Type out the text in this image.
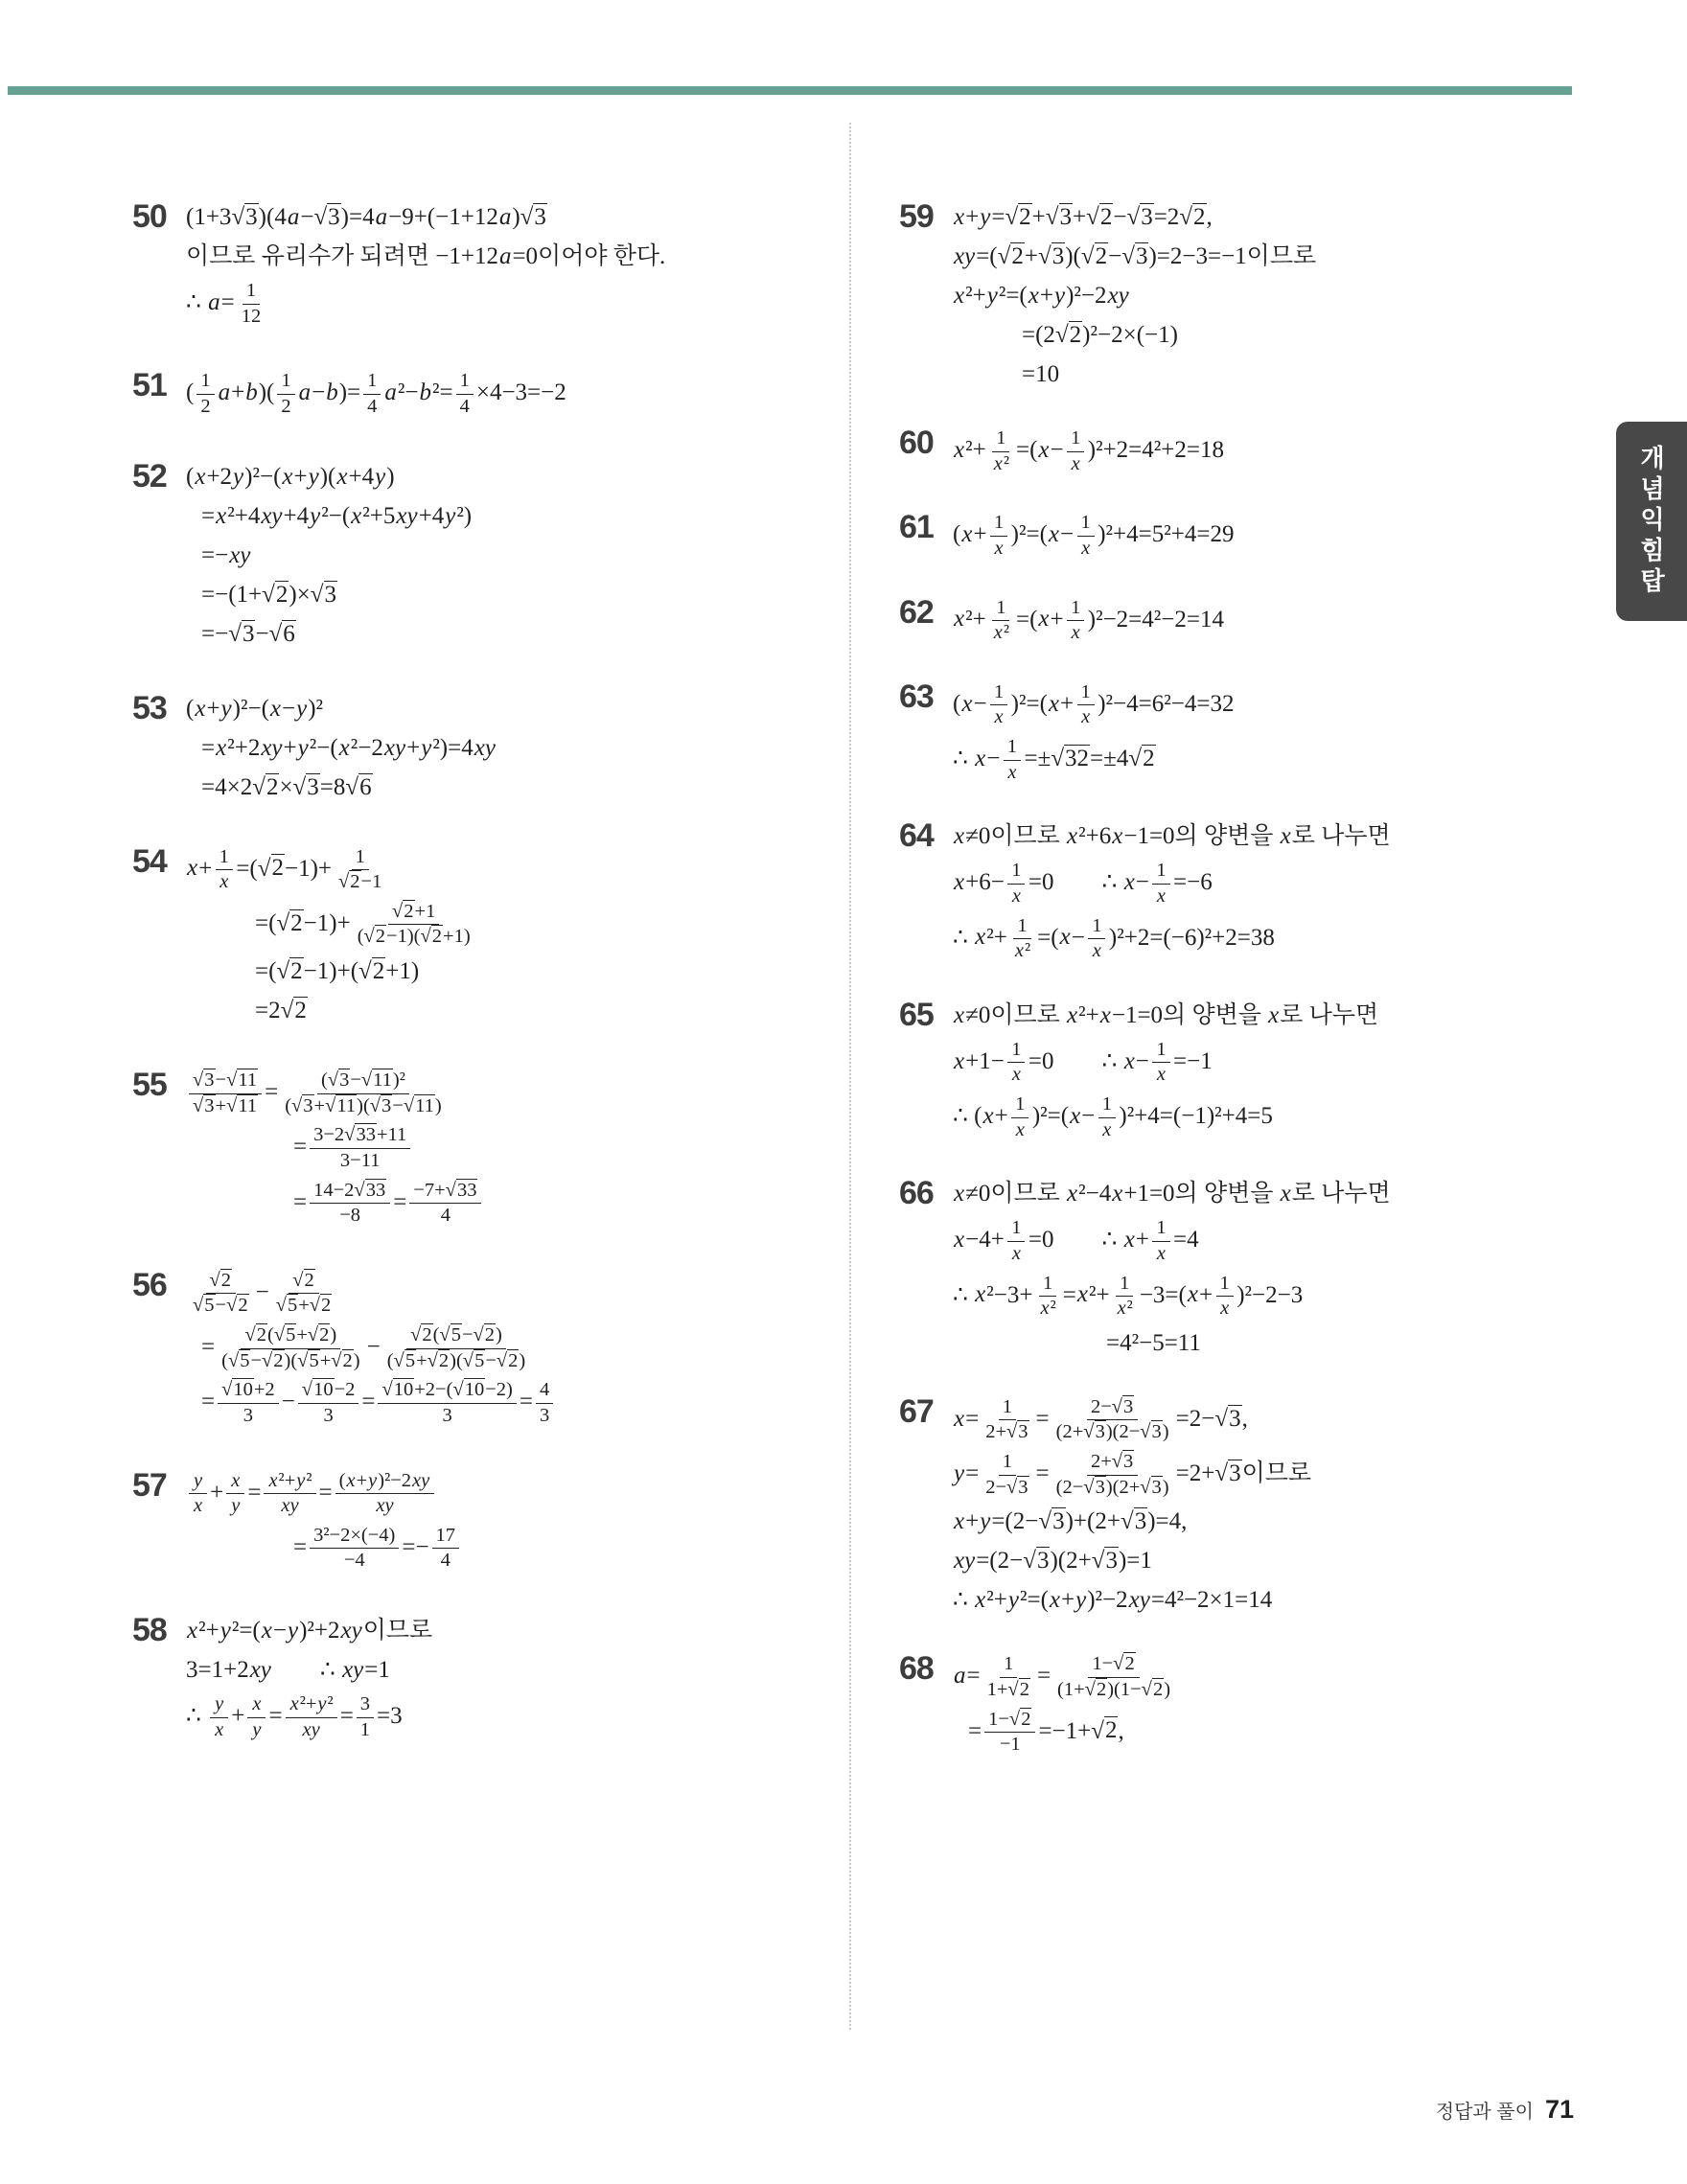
50 (1+3√3)(4a−√3)=4a−9+(−1+12a)√3
이므로 유리수가 되려면 −1+12a=0이어야 한다.
∴ $a= \frac{1}{12}$
51 ( $\frac{1}{2} a+b)( \frac{1}{2} a-b)= \frac{1}{4} a^2-b^2= \frac{1}{4} \times 4-3=-2$
52 (x+2y)²−(x+y)(x+4y)
=x²+4xy+4y²−(x²+5xy+4y²)
=−xy
=−(1+√2)×√3
=−√3−√6
53 (x+y)²−(x−y)²
=x²+2xy+y²−(x²−2xy+y²)=4xy
=4×2√2×√3=8√6
54 $x+ \frac{1}{x} =(√2-1)+ \frac{1}{√2-1}$
$=(√2-1)+ \frac{√2+1}{(√2-1)(√2+1)}$
=(√2−1)+(√2+1)
=2√2
55	$\frac{√3-√11}{√3+√11} = \frac{\text{(√3−√11)²}}{(√3+√11)(√3-√11)}$
= $\frac{3-2√33+11}{3-11}$
= $\frac{14-2√33}{-8} = \frac{-7+√33}{4}$
56	$\frac{√2}{√5-√2} - \frac{√2}{√5+√2}$
= $\frac{√2(√5+√2)}{(√5-√2)(√5+√2)} - \frac{√2(√5-√2)}{(√5+√2)(√5-√2)}$
= $\frac{√10+2}{3} - \frac{√10-2}{3} = \frac{√10+2-(√10-2)}{3} = \frac{4}{3}$
57	$\frac{y}{x} + \frac{x}{y} = \frac{\text{x²+y²}}{xy} = \frac{\text{(x+y)²−2xy}}{xy}$
= $\frac{\text{3²−2×(−4)}}{-4} =- \frac{17}{4}$
58 x²+y²=(x−y)²+2xy이므로
3=1+2xy  ∴ xy=1
∴ $\frac{y}{x} + \frac{x}{y} = \frac{\text{x²+y²}}{xy} = \frac{3}{1} =3$
59 x+y=√2+√3+√2−√3=2√2,
xy=(√2+√3)(√2−√3)=2−3=−1이므로
x²+y²=(x+y)²−2xy
=(2√2)²−2×(−1)
=10
60 $x^2+ \frac{1}{\text{x²}} =(x- \frac{1}{x} )^2+2=4^2+2=18$
61 $(x+ \frac{1}{x} )^2=(x- \frac{1}{x} )^2+4=5^2+4=29$
62 $x^2+ \frac{1}{\text{x²}} =(x+ \frac{1}{x} )^2-2=4^2-2=14$
63 $(x- \frac{1}{x} )^2=(x+ \frac{1}{x} )^2-4=6^2-4=32$
∴ $x- \frac{1}{x} =\pm√32=\pm 4√2$
64 x≠0이므로 x²+6x−1=0의 양변을 x로 나누면
$x+6- \frac{1}{x} =0$  ∴ $x- \frac{1}{x} =-6$
∴ $x^2+ \frac{1}{\text{x²}} =(x- \frac{1}{x} )^2+2=(-6)^2+2=38$
65 x≠0이므로 x²+x−1=0의 양변을 x로 나누면
$x+1- \frac{1}{x} =0$  ∴ $x- \frac{1}{x} =-1$
∴ $(x+ \frac{1}{x} )^2=(x- \frac{1}{x} )^2+4=(-1)^2+4=5$
66 x≠0이므로 x²−4x+1=0의 양변을 x로 나누면
$x-4+ \frac{1}{x} =0$  ∴ $x+ \frac{1}{x} =4$
∴ $x^2-3+ \frac{1}{\text{x²}} =x^2+ \frac{1}{\text{x²}} -3=(x+ \frac{1}{x} )^2-2-3$
=4²−5=11
67 $x= \frac{1}{2+√3} = \frac{2-√3}{(2+√3)(2-√3)} =2-√3$,
$y= \frac{1}{2-√3} = \frac{2+√3}{(2-√3)(2+√3)} =2+√3$이므로
x+y=(2−√3)+(2+√3)=4,
xy=(2−√3)(2+√3)=1
∴ x²+y²=(x+y)²−2xy=4²−2×1=14
68 $a= \frac{1}{1+√2} = \frac{1-√2}{(1+√2)(1-√2)}$
= $\frac{1-√2}{-1} =-1+√2$,
개념익힘탑
정답과 풀이 71
